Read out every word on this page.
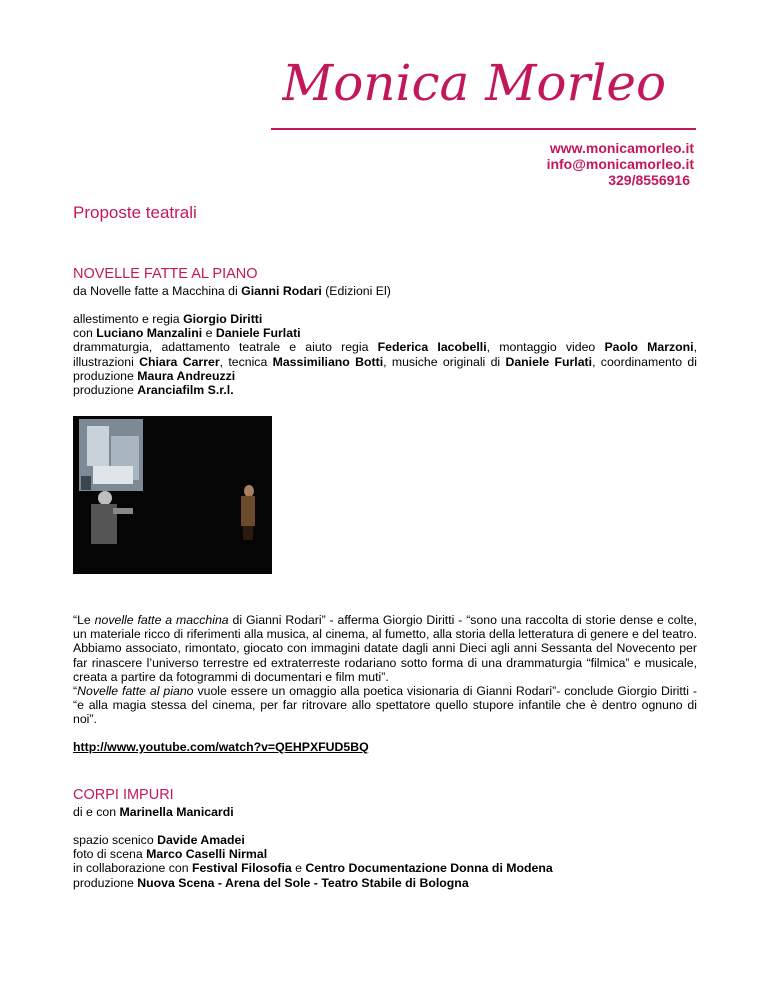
Monica Morleo
www.monicamorleo.it
info@monicamorleo.it
329/8556916
Proposte teatrali
NOVELLE FATTE AL PIANO
da Novelle fatte a Macchina di Gianni Rodari (Edizioni El)
allestimento e regia Giorgio Diritti
con Luciano Manzalini e Daniele Furlati
drammaturgia, adattamento teatrale e aiuto regia Federica Iacobelli, montaggio video Paolo Marzoni, illustrazioni Chiara Carrer, tecnica Massimiliano Botti, musiche originali di Daniele Furlati, coordinamento di produzione Maura Andreuzzi
produzione Aranciafilm S.r.l.
“Le novelle fatte a macchina di Gianni Rodari” - afferma Giorgio Diritti - “sono una raccolta di storie dense e colte, un materiale ricco di riferimenti alla musica, al cinema, al fumetto, alla storia della letteratura di genere e del teatro. Abbiamo associato, rimontato, giocato con immagini datate dagli anni Dieci agli anni Sessanta del Novecento per far rinascere l’universo terrestre ed extraterreste rodariano sotto forma di una drammaturgia “filmica” e musicale, creata a partire da fotogrammi di documentari e film muti”.
“Novelle fatte al piano vuole essere un omaggio alla poetica visionaria di Gianni Rodari”- conclude Giorgio Diritti - “e alla magia stessa del cinema, per far ritrovare allo spettatore quello stupore infantile che è dentro ognuno di noi”.
http://www.youtube.com/watch?v=QEHPXFUD5BQ
CORPI IMPURI
di e con Marinella Manicardi
spazio scenico Davide Amadei
foto di scena Marco Caselli Nirmal
in collaborazione con Festival Filosofia e Centro Documentazione Donna di Modena
produzione Nuova Scena - Arena del Sole - Teatro Stabile di Bologna
